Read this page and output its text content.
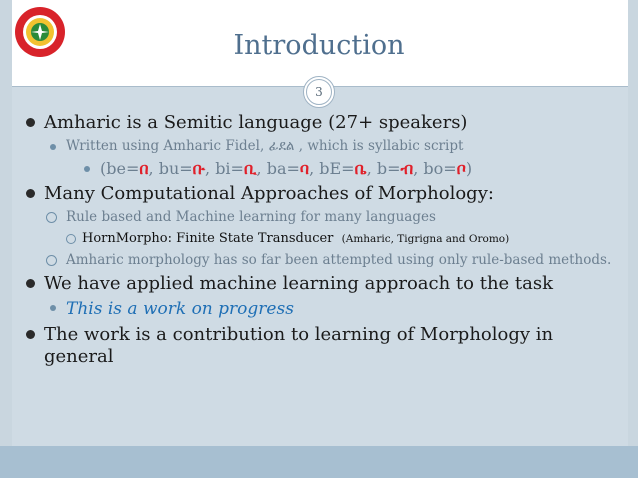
Introduction
3
Amharic is a Semitic language (27+ speakers)
Written using Amharic Fidel, ፊደል , which is syllabic script
(be=በ, bu=ቡ, bi=ቢ, ba=ባ, bE=ቤ, b=ብ, bo=ቦ)
Many Computational Approaches of Morphology:
Rule based and Machine learning for many languages
HornMorpho: Finite State Transducer (Amharic, Tigrigna and Oromo)
Amharic morphology has so far been attempted using only rule-based methods.
We have applied machine learning approach to the task
This is a work on progress
The work is a contribution to learning of Morphology in general
